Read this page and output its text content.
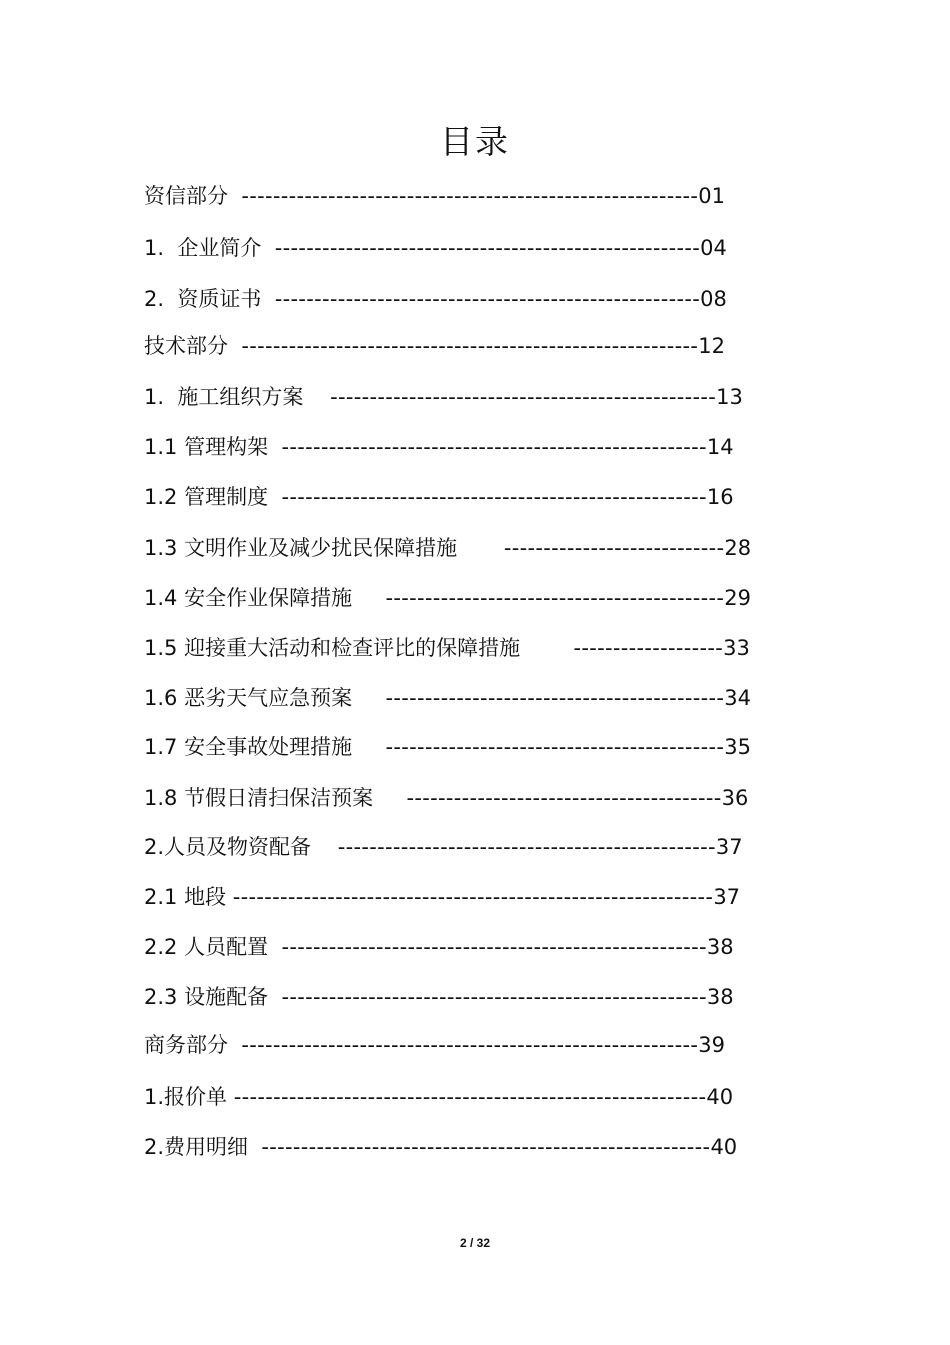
目录
资信部分
---------------------------------------------------------- 01
1.  企业简介
------------------------------------------------------ 04
2.  资质证书
------------------------------------------------------ 08
技术部分
---------------------------------------------------------- 12
1.  施工组织方案
------------------------------------------------- 13
1.1 管理构架
------------------------------------------------------ 14
1.2 管理制度
------------------------------------------------------ 16
1.3 文明作业及减少扰民保障措施
---------------------------- 28
1.4 安全作业保障措施
------------------------------------------- 29
1.5 迎接重大活动和检查评比的保障措施
	------------------- 33
1.6 恶劣天气应急预案
------------------------------------------- 34
1.7 安全事故处理措施
------------------------------------------- 35
1.8 节假日清扫保洁预案
---------------------------------------- 36
2.人员及物资配备
------------------------------------------------ 37
2.1 地段
------------------------------------------------------------- 37
2.2 人员配置
------------------------------------------------------ 38
2.3 设施配备
------------------------------------------------------ 38
商务部分
---------------------------------------------------------- 39
1.报价单
------------------------------------------------------------ 40
2.费用明细
--------------------------------------------------------- 40
2 / 32
